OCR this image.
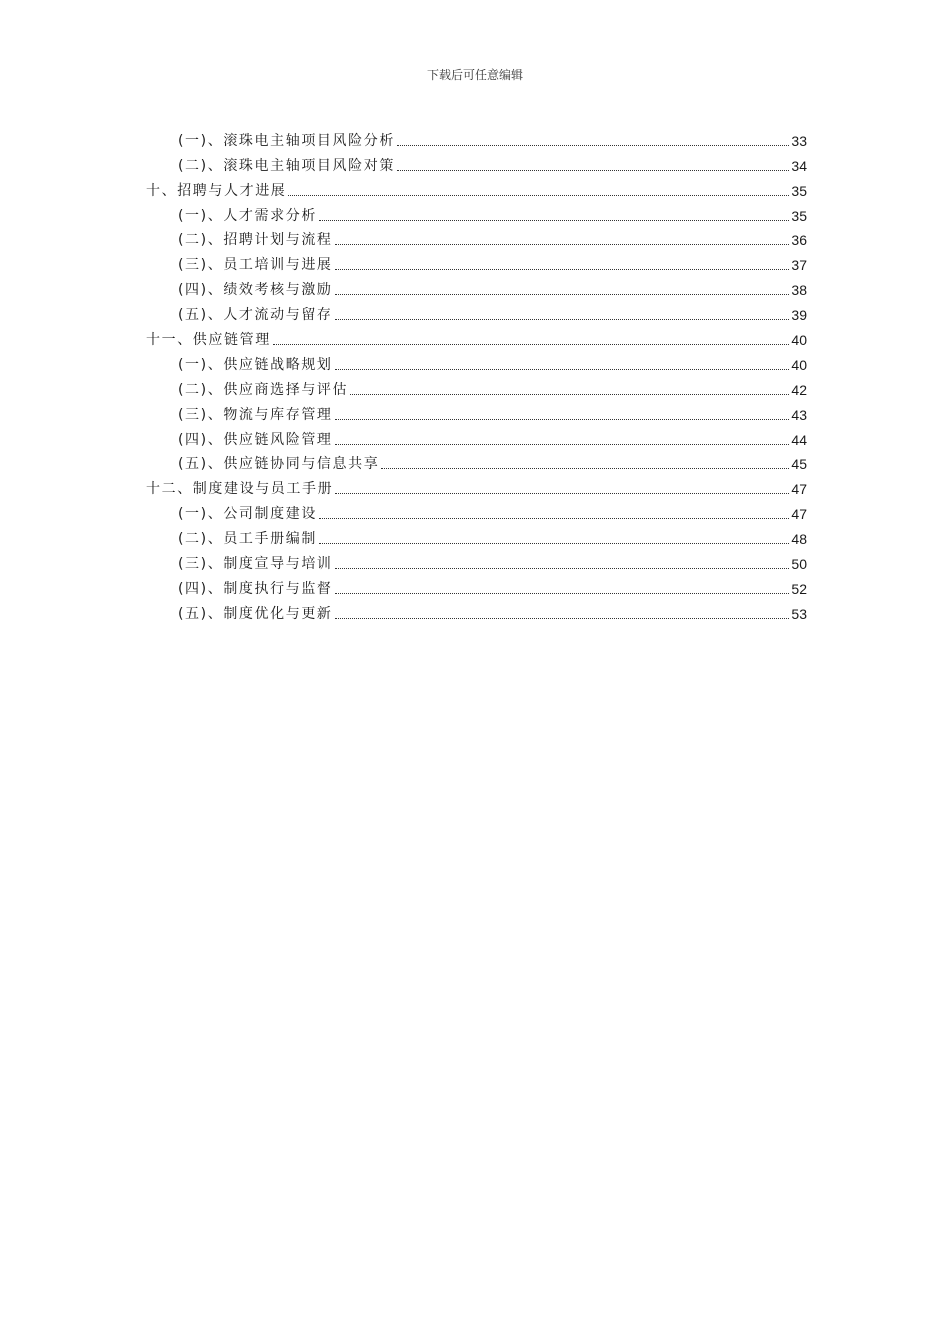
下载后可任意编辑
(一)、滚珠电主轴项目风险分析	33
(二)、滚珠电主轴项目风险对策	34
十、招聘与人才进展	35
(一)、人才需求分析	35
(二)、招聘计划与流程	36
(三)、员工培训与进展	37
(四)、绩效考核与激励	38
(五)、人才流动与留存	39
十一、供应链管理	40
(一)、供应链战略规划	40
(二)、供应商选择与评估	42
(三)、物流与库存管理	43
(四)、供应链风险管理	44
(五)、供应链协同与信息共享	45
十二、制度建设与员工手册	47
(一)、公司制度建设	47
(二)、员工手册编制	48
(三)、制度宣导与培训	50
(四)、制度执行与监督	52
(五)、制度优化与更新	53
